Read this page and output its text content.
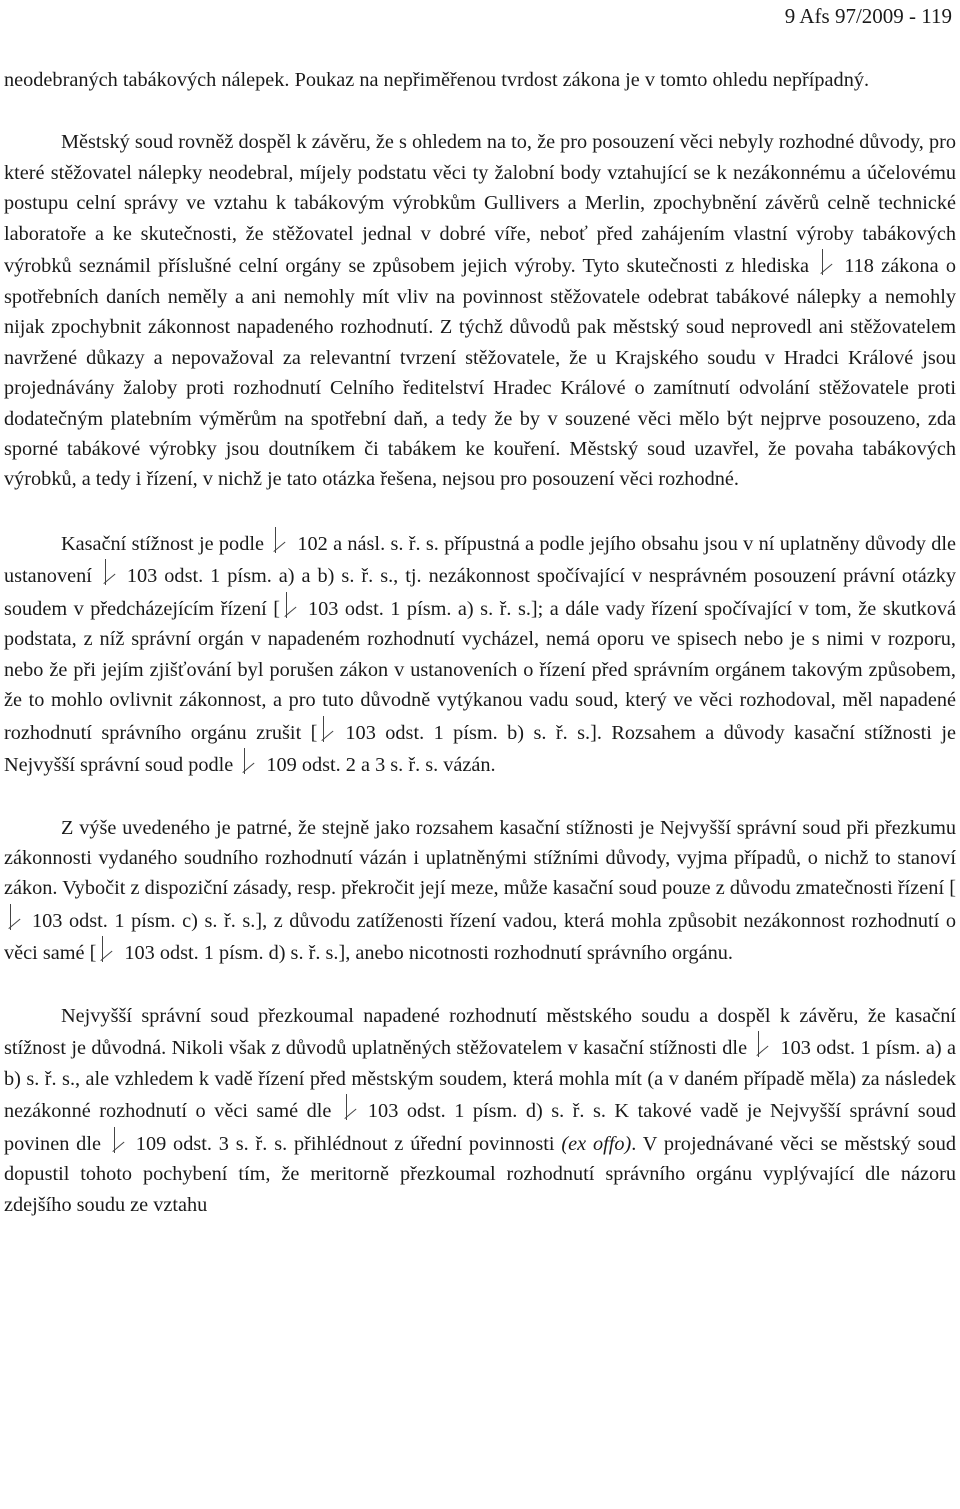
9 Afs 97/2009 - 119

neodebraných tabákových nálepek. Poukaz na nepřiměřenou tvrdost zákona je v tomto ohledu nepřípadný.

Městský soud rovněž dospěl k závěru, že s ohledem na to, že pro posouzení věci nebyly rozhodné důvody, pro které stěžovatel nálepky neodebral, míjely podstatu věci ty žalobní body vztahující se k nezákonnému a účelovému postupu celní správy ve vztahu k tabákovým výrobkům Gullivers a Merlin, zpochybnění závěrů celně technické laboratoře a ke skutečnosti, že stěžovatel jednal v dobré víře, neboť před zahájením vlastní výroby tabákových výrobků seznámil příslušné celní orgány se způsobem jejich výroby. Tyto skutečnosti z hlediska 118 zákona o spotřebních daních neměly a ani nemohly mít vliv na povinnost stěžovatele odebrat tabákové nálepky a nemohly nijak zpochybnit zákonnost napadeného rozhodnutí. Z týchž důvodů pak městský soud neprovedl ani stěžovatelem navržené důkazy a nepovažoval za relevantní tvrzení stěžovatele, že u Krajského soudu v Hradci Králové jsou projednávány žaloby proti rozhodnutí Celního ředitelství Hradec Králové o zamítnutí odvolání stěžovatele proti dodatečným platebním výměrům na spotřební daň, a tedy že by v souzené věci mělo být nejprve posouzeno, zda sporné tabákové výrobky jsou doutníkem či tabákem ke kouření. Městský soud uzavřel, že povaha tabákových výrobků, a tedy i řízení, v nichž je tato otázka řešena, nejsou pro posouzení věci rozhodné.

Kasační stížnost je podle 102 a násl. s. ř. s. přípustná a podle jejího obsahu jsou v ní uplatněny důvody dle ustanovení 103 odst. 1 písm. a) a b) s. ř. s., tj. nezákonnost spočívající v nesprávném posouzení právní otázky soudem v předcházejícím řízení [ 103 odst. 1 písm. a) s. ř. s.]; a dále vady řízení spočívající v tom, že skutková podstata, z níž správní orgán v napadeném rozhodnutí vycházel, nemá oporu ve spisech nebo je s nimi v rozporu, nebo že při jejím zjišťování byl porušen zákon v ustanoveních o řízení před správním orgánem takovým způsobem, že to mohlo ovlivnit zákonnost, a pro tuto důvodně vytýkanou vadu soud, který ve věci rozhodoval, měl napadené rozhodnutí správního orgánu zrušit [ 103 odst. 1 písm. b) s. ř. s.]. Rozsahem a důvody kasační stížnosti je Nejvyšší správní soud podle 109 odst. 2 a 3 s. ř. s. vázán.

Z výše uvedeného je patrné, že stejně jako rozsahem kasační stížnosti je Nejvyšší správní soud při přezkumu zákonnosti vydaného soudního rozhodnutí vázán i uplatněnými stížními důvody, vyjma případů, o nichž to stanoví zákon. Vybočit z dispoziční zásady, resp. překročit její meze, může kasační soud pouze z důvodu zmatečnosti řízení [103 odst. 1 písm. c) s. ř. s.], z důvodu zatíženosti řízení vadou, která mohla způsobit nezákonnost rozhodnutí o věci samé [ 103 odst. 1 písm. d) s. ř. s.], anebo nicotnosti rozhodnutí správního orgánu.

Nejvyšší správní soud přezkoumal napadené rozhodnutí městského soudu a dospěl k závěru, že kasační stížnost je důvodná. Nikoli však z důvodů uplatněných stěžovatelem v kasační stížnosti dle 103 odst. 1 písm. a) a b) s. ř. s., ale vzhledem k vadě řízení před městským soudem, která mohla mít (a v daném případě měla) za následek nezákonné rozhodnutí o věci samé dle 103 odst. 1 písm. d) s. ř. s. K takové vadě je Nejvyšší správní soud povinen dle 109 odst. 3 s. ř. s. přihlédnout z úřední povinnosti (ex offo). V projednávané věci se městský soud dopustil tohoto pochybení tím, že meritorně přezkoumal rozhodnutí správního orgánu vyplývající dle názoru zdejšího soudu ze vztahu
